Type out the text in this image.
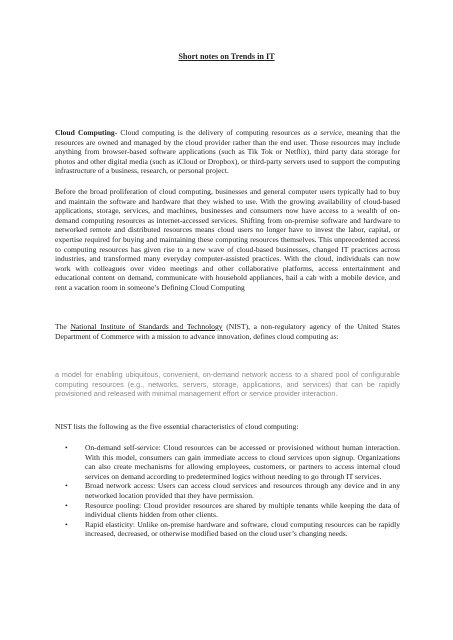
Short notes on Trends in IT
Cloud Computing- Cloud computing is the delivery of computing resources as a service, meaning that the resources are owned and managed by the cloud provider rather than the end user. Those resources may include anything from browser-based software applications (such as Tik Tok or Netflix), third party data storage for photos and other digital media (such as iCloud or Dropbox), or third-party servers used to support the computing infrastructure of a business, research, or personal project.
Before the broad proliferation of cloud computing, businesses and general computer users typically had to buy and maintain the software and hardware that they wished to use. With the growing availability of cloud-based applications, storage, services, and machines, businesses and consumers now have access to a wealth of on-demand computing resources as internet-accessed services. Shifting from on-premise software and hardware to networked remote and distributed resources means cloud users no longer have to invest the labor, capital, or expertise required for buying and maintaining these computing resources themselves. This unprecedented access to computing resources has given rise to a new wave of cloud-based businesses, changed IT practices across industries, and transformed many everyday computer-assisted practices. With the cloud, individuals can now work with colleagues over video meetings and other collaborative platforms, access entertainment and educational content on demand, communicate with household appliances, hail a cab with a mobile device, and rent a vacation room in someone’s Defining Cloud Computing
The National Institute of Standards and Technology (NIST), a non-regulatory agency of the United States Department of Commerce with a mission to advance innovation, defines cloud computing as:
a model for enabling ubiquitous, convenient, on-demand network access to a shared pool of configurable computing resources (e.g., networks, servers, storage, applications, and services) that can be rapidly provisioned and released with minimal management effort or service provider interaction.
NIST lists the following as the five essential characteristics of cloud computing:
• On-demand self-service: Cloud resources can be accessed or provisioned without human interaction. With this model, consumers can gain immediate access to cloud services upon signup. Organizations can also create mechanisms for allowing employees, customers, or partners to access internal cloud services on demand according to predetermined logics without needing to go through IT services.
• Broad network access: Users can access cloud services and resources through any device and in any networked location provided that they have permission.
• Resource pooling: Cloud provider resources are shared by multiple tenants while keeping the data of individual clients hidden from other clients.
• Rapid elasticity: Unlike on-premise hardware and software, cloud computing resources can be rapidly increased, decreased, or otherwise modified based on the cloud user’s changing needs.
